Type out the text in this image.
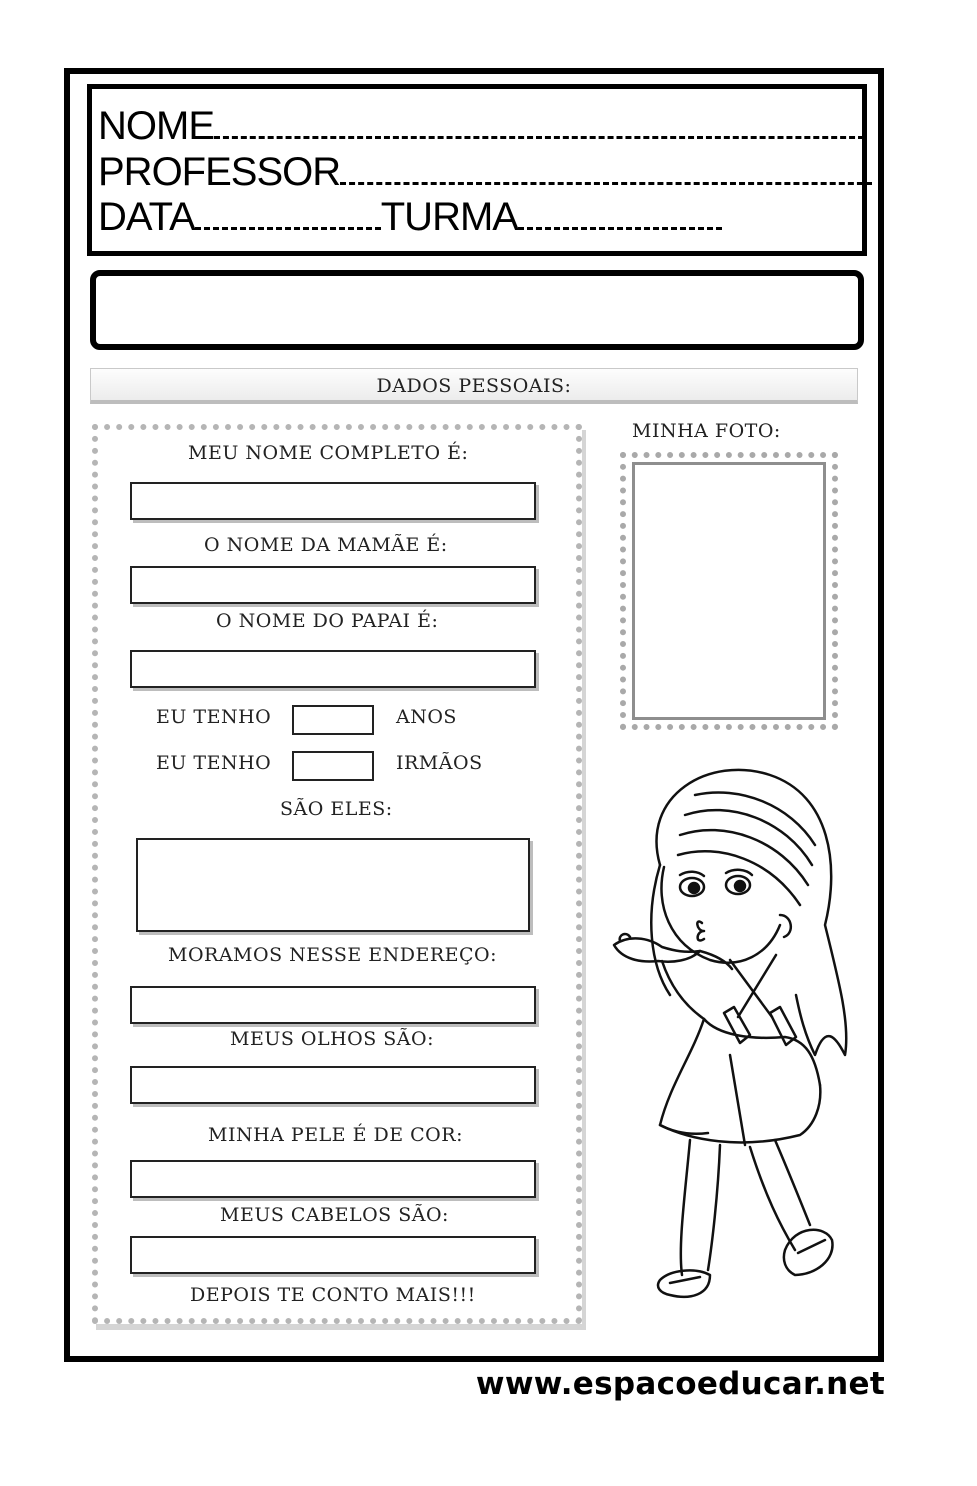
NOME
PROFESSOR
DATA	TURMA
DADOS PESSOAIS:
MEU NOME COMPLETO É:
O NOME DA MAMÃE É:
O NOME DO PAPAI É:
EU TENHO	ANOS
EU TENHO	IRMÃOS
SÃO ELES:
MORAMOS NESSE ENDEREÇO:
MEUS OLHOS SÃO:
MINHA PELE É DE COR:
MEUS CABELOS SÃO:
DEPOIS TE CONTO MAIS!!!
MINHA FOTO:
www.espacoeducar.net
